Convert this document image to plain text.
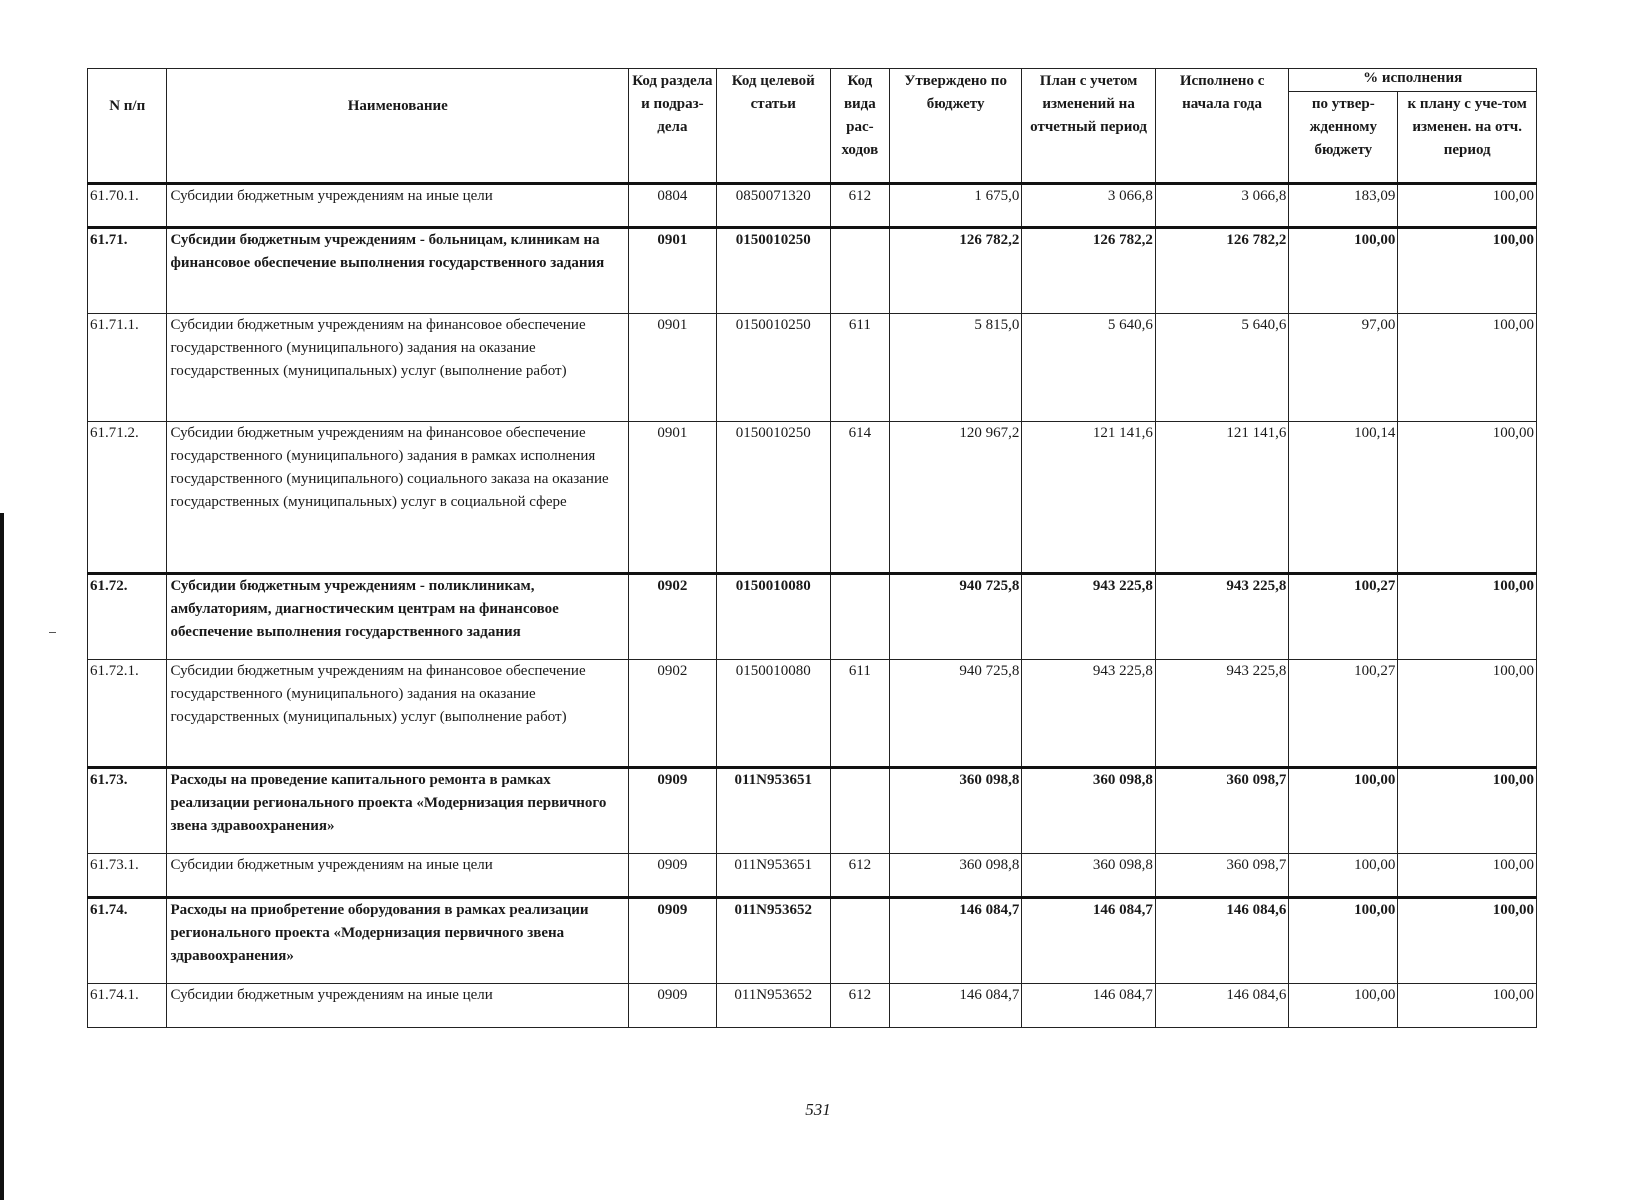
N п/п	Наименование	Код раздела и подраз-дела	Код целевой статьи	Код вида рас-ходов	Утверждено по бюджету	План с учетом изменений на отчетный период	Исполнено с начала года	% исполнения	
								по утвер-жденному бюджету	к плану с уче-том изменен. на отч. период
61.70.1.	Субсидии бюджетным учреждениям на иные цели	0804	0850071320	612	1 675,0	3 066,8	3 066,8	183,09	100,00
61.71.	Субсидии бюджетным учреждениям - больницам, клиникам на финансовое обеспечение выполнения государственного задания	0901	0150010250		126 782,2	126 782,2	126 782,2	100,00	100,00
61.71.1.	Субсидии бюджетным учреждениям на финансовое обеспечение государственного (муниципального) задания на оказание государственных (муниципальных) услуг (выполнение работ)	0901	0150010250	611	5 815,0	5 640,6	5 640,6	97,00	100,00
61.71.2.	Субсидии бюджетным учреждениям на финансовое обеспечение государственного (муниципального) задания в рамках исполнения государственного (муниципального) социального заказа на оказание государственных (муниципальных) услуг в социальной сфере	0901	0150010250	614	120 967,2	121 141,6	121 141,6	100,14	100,00
61.72.	Субсидии бюджетным учреждениям - поликлиникам, амбулаториям, диагностическим центрам на финансовое обеспечение выполнения государственного задания	0902	0150010080		940 725,8	943 225,8	943 225,8	100,27	100,00
61.72.1.	Субсидии бюджетным учреждениям на финансовое обеспечение государственного (муниципального) задания на оказание государственных (муниципальных) услуг (выполнение работ)	0902	0150010080	611	940 725,8	943 225,8	943 225,8	100,27	100,00
61.73.	Расходы на проведение капитального ремонта в рамках реализации регионального проекта «Модернизация первичного звена здравоохранения»	0909	011N953651		360 098,8	360 098,8	360 098,7	100,00	100,00
61.73.1.	Субсидии бюджетным учреждениям на иные цели	0909	011N953651	612	360 098,8	360 098,8	360 098,7	100,00	100,00
61.74.	Расходы на приобретение оборудования в рамках реализации регионального проекта «Модернизация первичного звена здравоохранения»	0909	011N953652		146 084,7	146 084,7	146 084,6	100,00	100,00
61.74.1.	Субсидии бюджетным учреждениям на иные цели	0909	011N953652	612	146 084,7	146 084,7	146 084,6	100,00	100,00
531
